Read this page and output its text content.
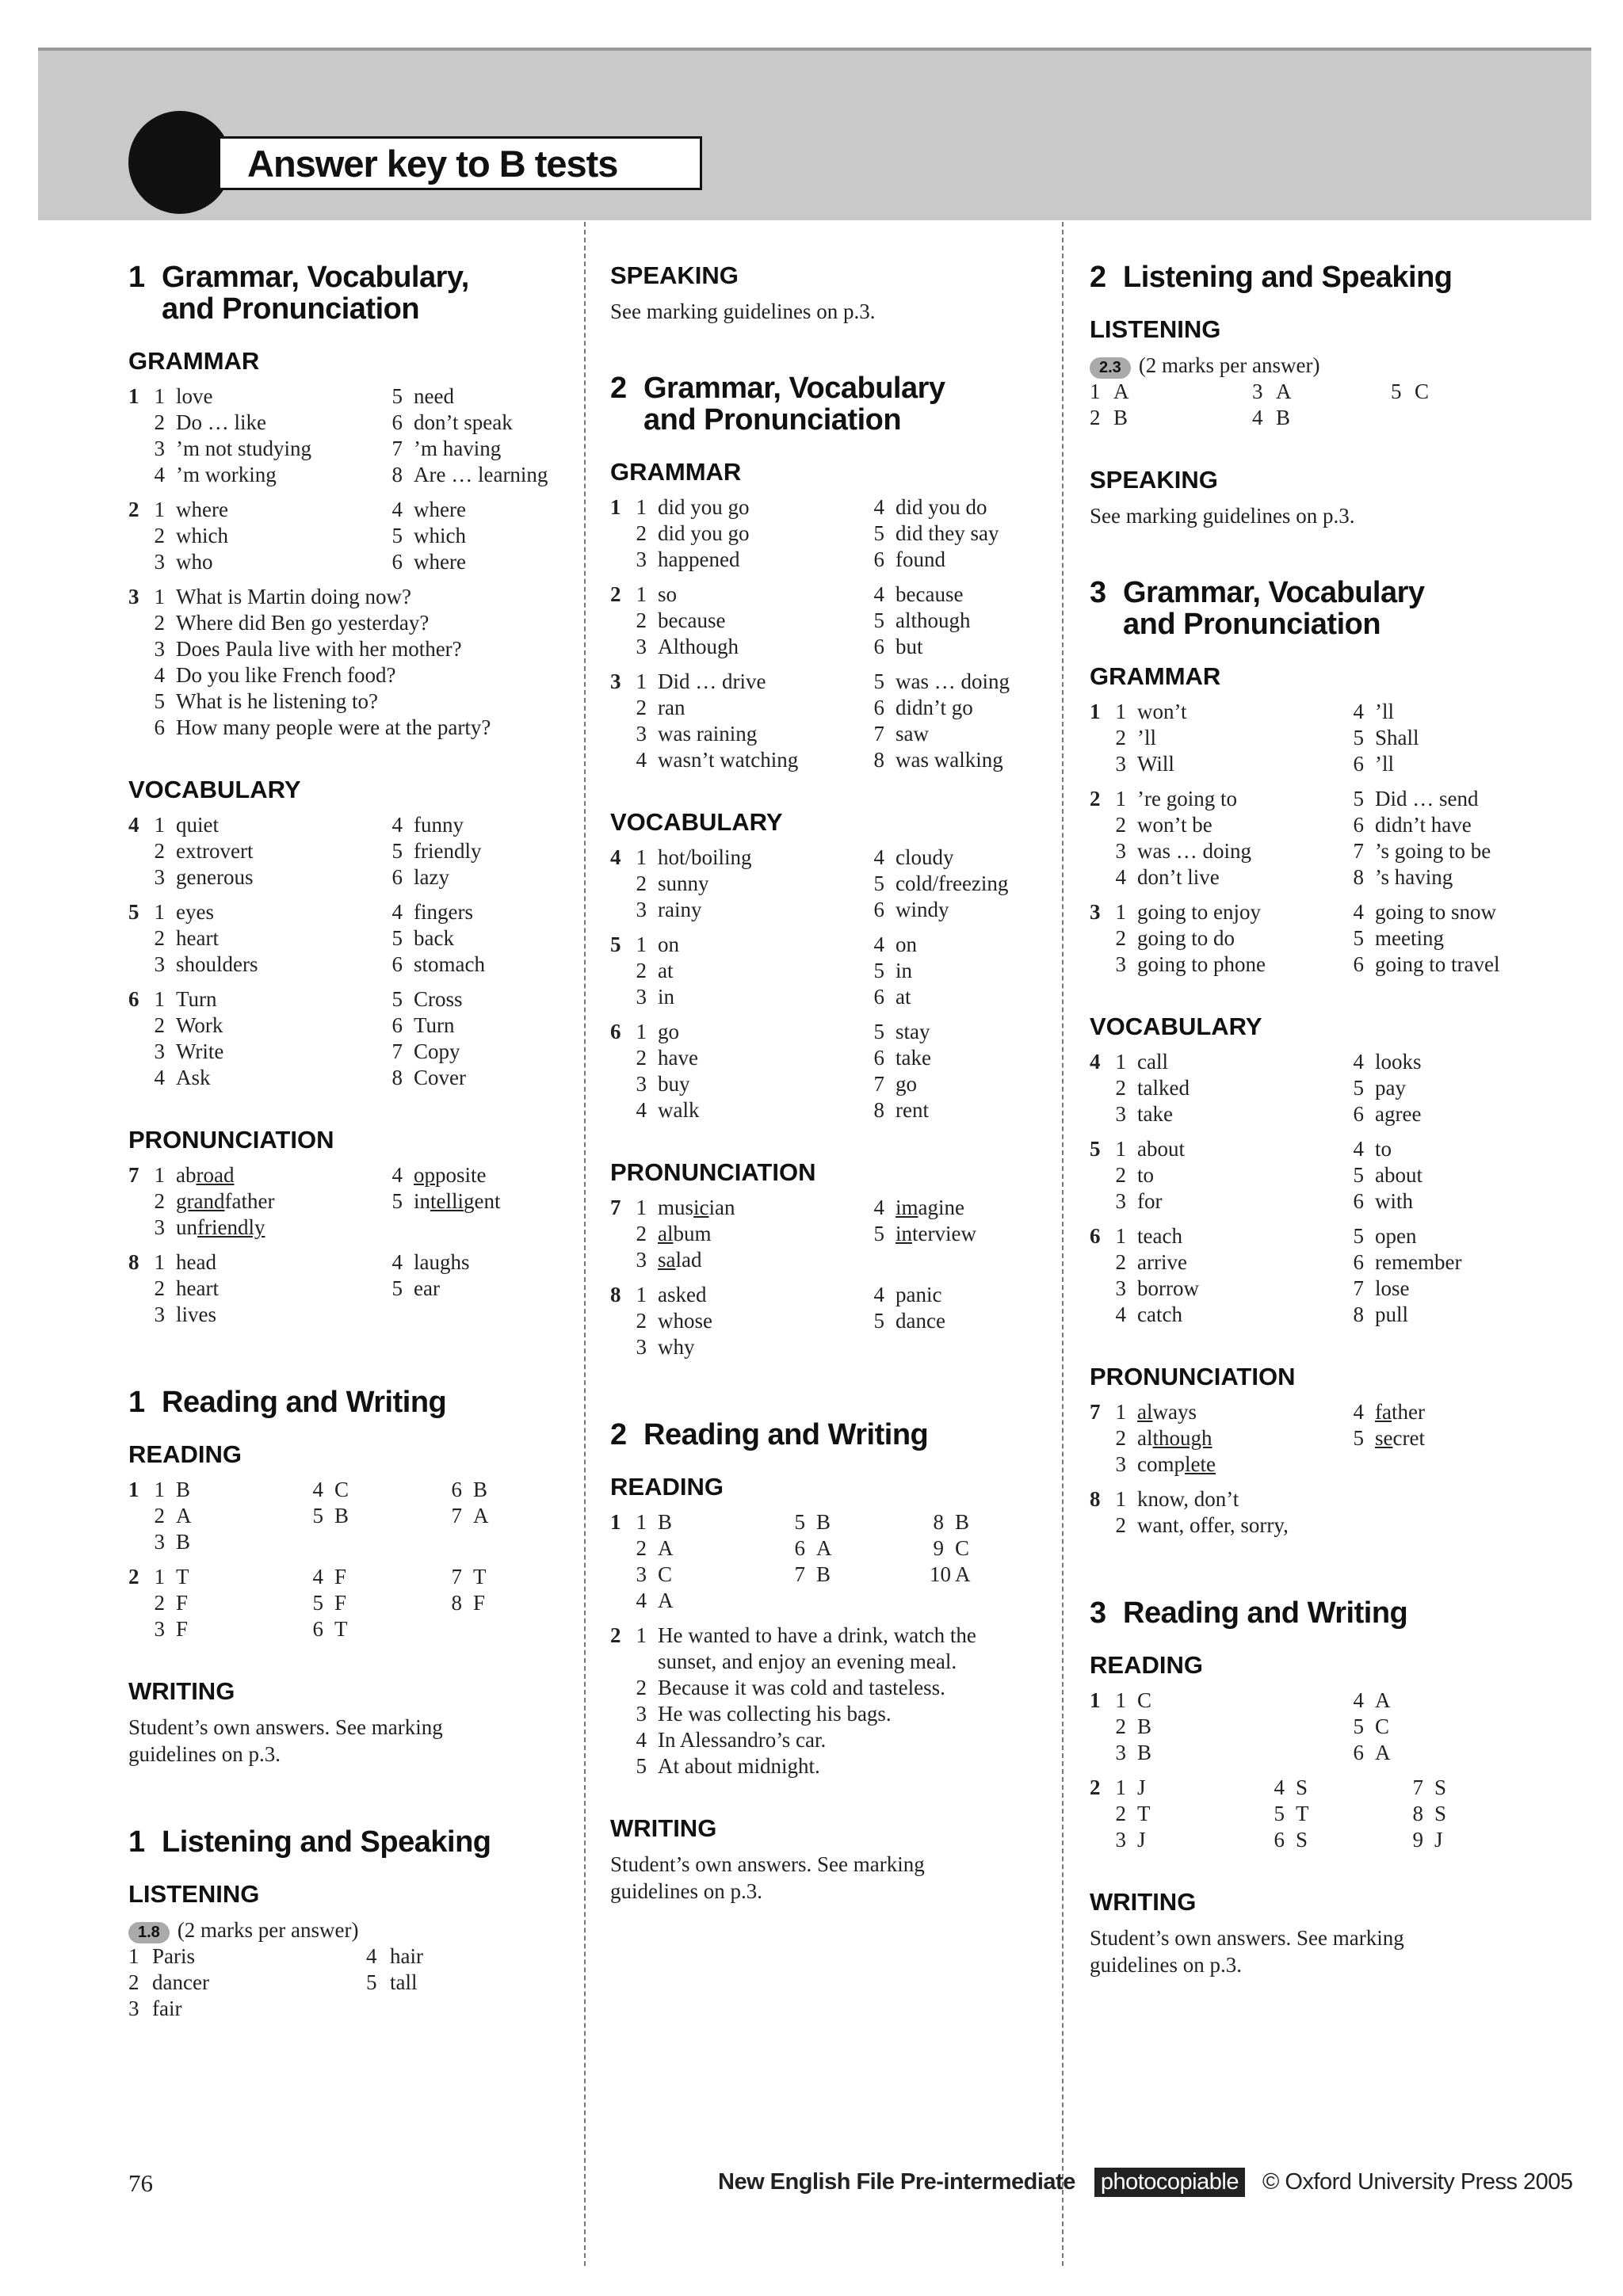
Answer key to B tests
1 Grammar, Vocabulary, and Pronunciation
GRAMMAR
1 1 love
2 Do … like
3 ’m not studying
4 ’m working
5 need
6 don’t speak
7 ’m having
8 Are … learning
2 1 where
2 which
3 who
4 where
5 which
6 where
3 1 What is Martin doing now?
2 Where did Ben go yesterday?
3 Does Paula live with her mother?
4 Do you like French food?
5 What is he listening to?
6 How many people were at the party?
VOCABULARY
4 1 quiet
2 extrovert
3 generous
4 funny
5 friendly
6 lazy
5 1 eyes
2 heart
3 shoulders
4 fingers
5 back
6 stomach
6 1 Turn
2 Work
3 Write
4 Ask
5 Cross
6 Turn
7 Copy
8 Cover
PRONUNCIATION
7 1 abroad
2 grandfather
3 unfriendly
4 opposite
5 intelligent
8 1 head
2 heart
3 lives
4 laughs
5 ear
1 Reading and Writing
READING
1 1 B
2 A
3 B
4 C
5 B
6 B
7 A
2 1 T
2 F
3 F
4 F
5 F
6 T
7 T
8 F
WRITING
Student’s own answers. See marking guidelines on p.3.
1 Listening and Speaking
LISTENING
1.8 (2 marks per answer)
1 Paris
2 dancer
3 fair
4 hair
5 tall
SPEAKING
See marking guidelines on p.3.
2 Grammar, Vocabulary and Pronunciation
GRAMMAR
1 1 did you go
2 did you go
3 happened
4 did you do
5 did they say
6 found
2 1 so
2 because
3 Although
4 because
5 although
6 but
3 1 Did … drive
2 ran
3 was raining
4 wasn’t watching
5 was … doing
6 didn’t go
7 saw
8 was walking
VOCABULARY
4 1 hot/boiling
2 sunny
3 rainy
4 cloudy
5 cold/freezing
6 windy
5 1 on
2 at
3 in
4 on
5 in
6 at
6 1 go
2 have
3 buy
4 walk
5 stay
6 take
7 go
8 rent
PRONUNCIATION
7 1 musician
2 album
3 salad
4 imagine
5 interview
8 1 asked
2 whose
3 why
4 panic
5 dance
2 Reading and Writing
READING
1 1 B
2 A
3 C
4 A
5 B
6 A
7 B
8 B
9 C
10 A
2 1 He wanted to have a drink, watch the sunset, and enjoy an evening meal.
2 Because it was cold and tasteless.
3 He was collecting his bags.
4 In Alessandro’s car.
5 At about midnight.
WRITING
Student’s own answers. See marking guidelines on p.3.
2 Listening and Speaking
LISTENING
2.3 (2 marks per answer)
1 A
2 B
3 A
4 B
5 C
SPEAKING
See marking guidelines on p.3.
3 Grammar, Vocabulary and Pronunciation
GRAMMAR
1 1 won’t
2 ’ll
3 Will
4 ’ll
5 Shall
6 ’ll
2 1 ’re going to
2 won’t be
3 was … doing
4 don’t live
5 Did … send
6 didn’t have
7 ’s going to be
8 ’s having
3 1 going to enjoy
2 going to do
3 going to phone
4 going to snow
5 meeting
6 going to travel
VOCABULARY
4 1 call
2 talked
3 take
4 looks
5 pay
6 agree
5 1 about
2 to
3 for
4 to
5 about
6 with
6 1 teach
2 arrive
3 borrow
4 catch
5 open
6 remember
7 lose
8 pull
PRONUNCIATION
7 1 always
2 although
3 complete
4 father
5 secret
8 1 know, don’t
2 want, offer, sorry,
3 Reading and Writing
READING
1 1 C
2 B
3 B
4 A
5 C
6 A
2 1 J
2 T
3 J
4 S
5 T
6 S
7 S
8 S
9 J
WRITING
Student’s own answers. See marking guidelines on p.3.
76	New English File Pre-intermediate photocopiable © Oxford University Press 2005
